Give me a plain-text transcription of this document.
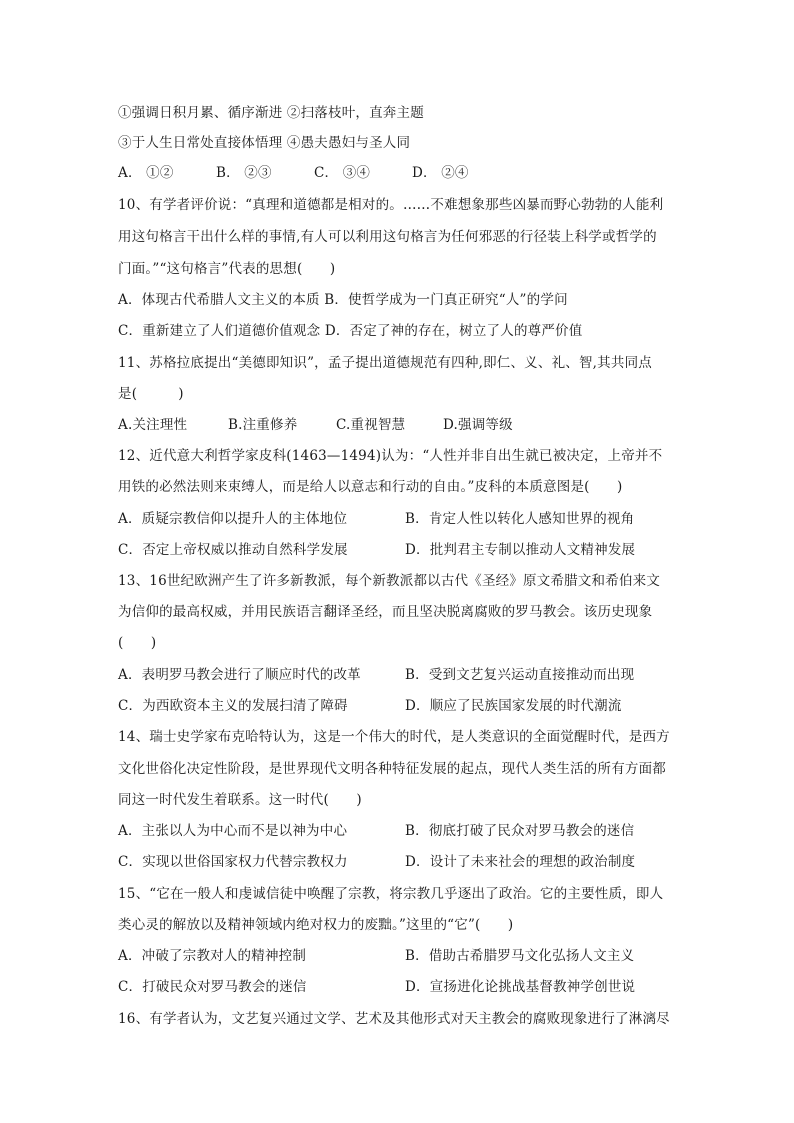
①强调日积月累、循序渐进 ②扫落枝叶，直奔主题
③于人生日常处直接体悟理 ④愚夫愚妇与圣人同
A． ①②	B． ②③	C． ③④	D． ②④
10、有学者评价说：“真理和道德都是相对的。……不难想象那些凶暴而野心勃勃的人能利
用这句格言干出什么样的事情,有人可以利用这句格言为任何邪恶的行径装上科学或哲学的
门面。”“这句格言”代表的思想(　　)
A．体现古代希腊人文主义的本质 B．使哲学成为一门真正研究“人”的学问
C．重新建立了人们道德价值观念 D．否定了神的存在，树立了人的尊严价值
11、苏格拉底提出“美德即知识”，孟子提出道德规范有四种,即仁、义、礼、智,其共同点
是(　　　)
A.关注理性	B.注重修养	C.重视智慧	D.强调等级
12、近代意大利哲学家皮科(1463—1494)认为：“人性并非自出生就已被决定，上帝并不
用铁的必然法则来束缚人，而是给人以意志和行动的自由。”皮科的本质意图是(　　)
A．质疑宗教信仰以提升人的主体地位	B．肯定人性以转化人感知世界的视角
C．否定上帝权威以推动自然科学发展	D．批判君主专制以推动人文精神发展
13、16世纪欧洲产生了许多新教派，每个新教派都以古代《圣经》原文希腊文和希伯来文
为信仰的最高权威，并用民族语言翻译圣经，而且坚决脱离腐败的罗马教会。该历史现象
(　　)
A．表明罗马教会进行了顺应时代的改革	B．受到文艺复兴运动直接推动而出现
C．为西欧资本主义的发展扫清了障碍	D．顺应了民族国家发展的时代潮流
14、瑞士史学家布克哈特认为，这是一个伟大的时代，是人类意识的全面觉醒时代，是西方
文化世俗化决定性阶段，是世界现代文明各种特征发展的起点，现代人类生活的所有方面都
同这一时代发生着联系。这一时代(　　)
A．主张以人为中心而不是以神为中心	B．彻底打破了民众对罗马教会的迷信
C．实现以世俗国家权力代替宗教权力	D．设计了未来社会的理想的政治制度
15、“它在一般人和虔诚信徒中唤醒了宗教，将宗教几乎逐出了政治。它的主要性质，即人
类心灵的解放以及精神领域内绝对权力的废黜。”这里的“它”(　　)
A．冲破了宗教对人的精神控制	B．借助古希腊罗马文化弘扬人文主义
C．打破民众对罗马教会的迷信	D．宣扬进化论挑战基督教神学创世说
16、有学者认为，文艺复兴通过文学、艺术及其他形式对天主教会的腐败现象进行了淋漓尽
